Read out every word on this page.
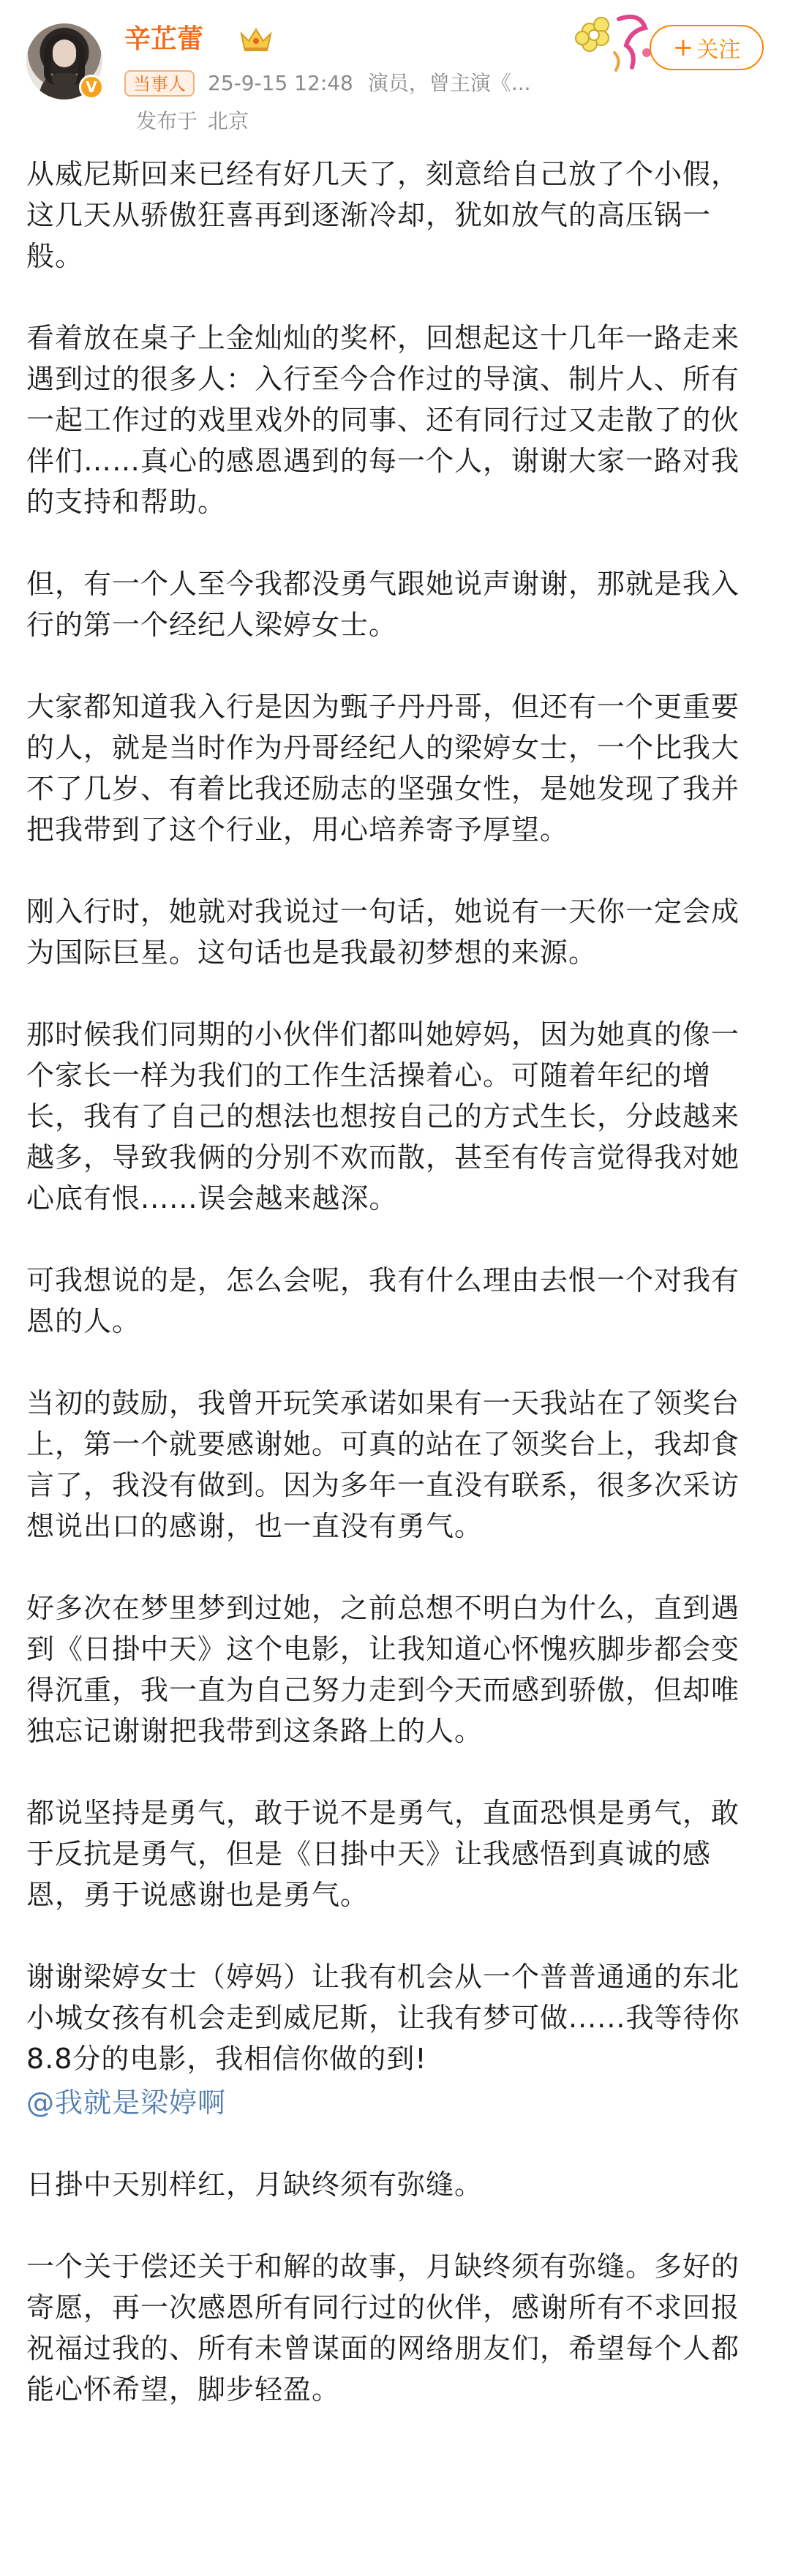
V
辛芷蕾
当事人	25-9-15 12:48 演员，曾主演《...
发布于 北京
+ 关注

从威尼斯回来已经有好几天了，刻意给自己放了个小假，这几天从骄傲狂喜再到逐渐冷却，犹如放气的高压锅一般。

看着放在桌子上金灿灿的奖杯，回想起这十几年一路走来遇到过的很多人：入行至今合作过的导演、制片人、所有一起工作过的戏里戏外的同事、还有同行过又走散了的伙伴们……真心的感恩遇到的每一个人，谢谢大家一路对我的支持和帮助。

但，有一个人至今我都没勇气跟她说声谢谢，那就是我入行的第一个经纪人梁婷女士。

大家都知道我入行是因为甄子丹丹哥，但还有一个更重要的人，就是当时作为丹哥经纪人的梁婷女士，一个比我大不了几岁、有着比我还励志的坚强女性，是她发现了我并把我带到了这个行业，用心培养寄予厚望。

刚入行时，她就对我说过一句话，她说有一天你一定会成为国际巨星。这句话也是我最初梦想的来源。

那时候我们同期的小伙伴们都叫她婷妈，因为她真的像一个家长一样为我们的工作生活操着心。可随着年纪的增长，我有了自己的想法也想按自己的方式生长，分歧越来越多，导致我俩的分别不欢而散，甚至有传言觉得我对她心底有恨......误会越来越深。

可我想说的是，怎么会呢，我有什么理由去恨一个对我有恩的人。

当初的鼓励，我曾开玩笑承诺如果有一天我站在了领奖台上，第一个就要感谢她。可真的站在了领奖台上，我却食言了，我没有做到。因为多年一直没有联系，很多次采访想说出口的感谢，也一直没有勇气。

好多次在梦里梦到过她，之前总想不明白为什么，直到遇到《日掛中天》这个电影，让我知道心怀愧疚脚步都会变得沉重，我一直为自己努力走到今天而感到骄傲，但却唯独忘记谢谢把我带到这条路上的人。

都说坚持是勇气，敢于说不是勇气，直面恐惧是勇气，敢于反抗是勇气，但是《日掛中天》让我感悟到真诚的感恩，勇于说感谢也是勇气。

谢谢梁婷女士（婷妈）让我有机会从一个普普通通的东北小城女孩有机会走到威尼斯，让我有梦可做......我等待你8.8分的电影，我相信你做的到!

@我就是梁婷啊

日掛中天别样红，月缺终须有弥缝。

一个关于偿还关于和解的故事，月缺终须有弥缝。多好的寄愿，再一次感恩所有同行过的伙伴，感谢所有不求回报祝福过我的、所有未曾谋面的网络朋友们，希望每个人都能心怀希望，脚步轻盈。
